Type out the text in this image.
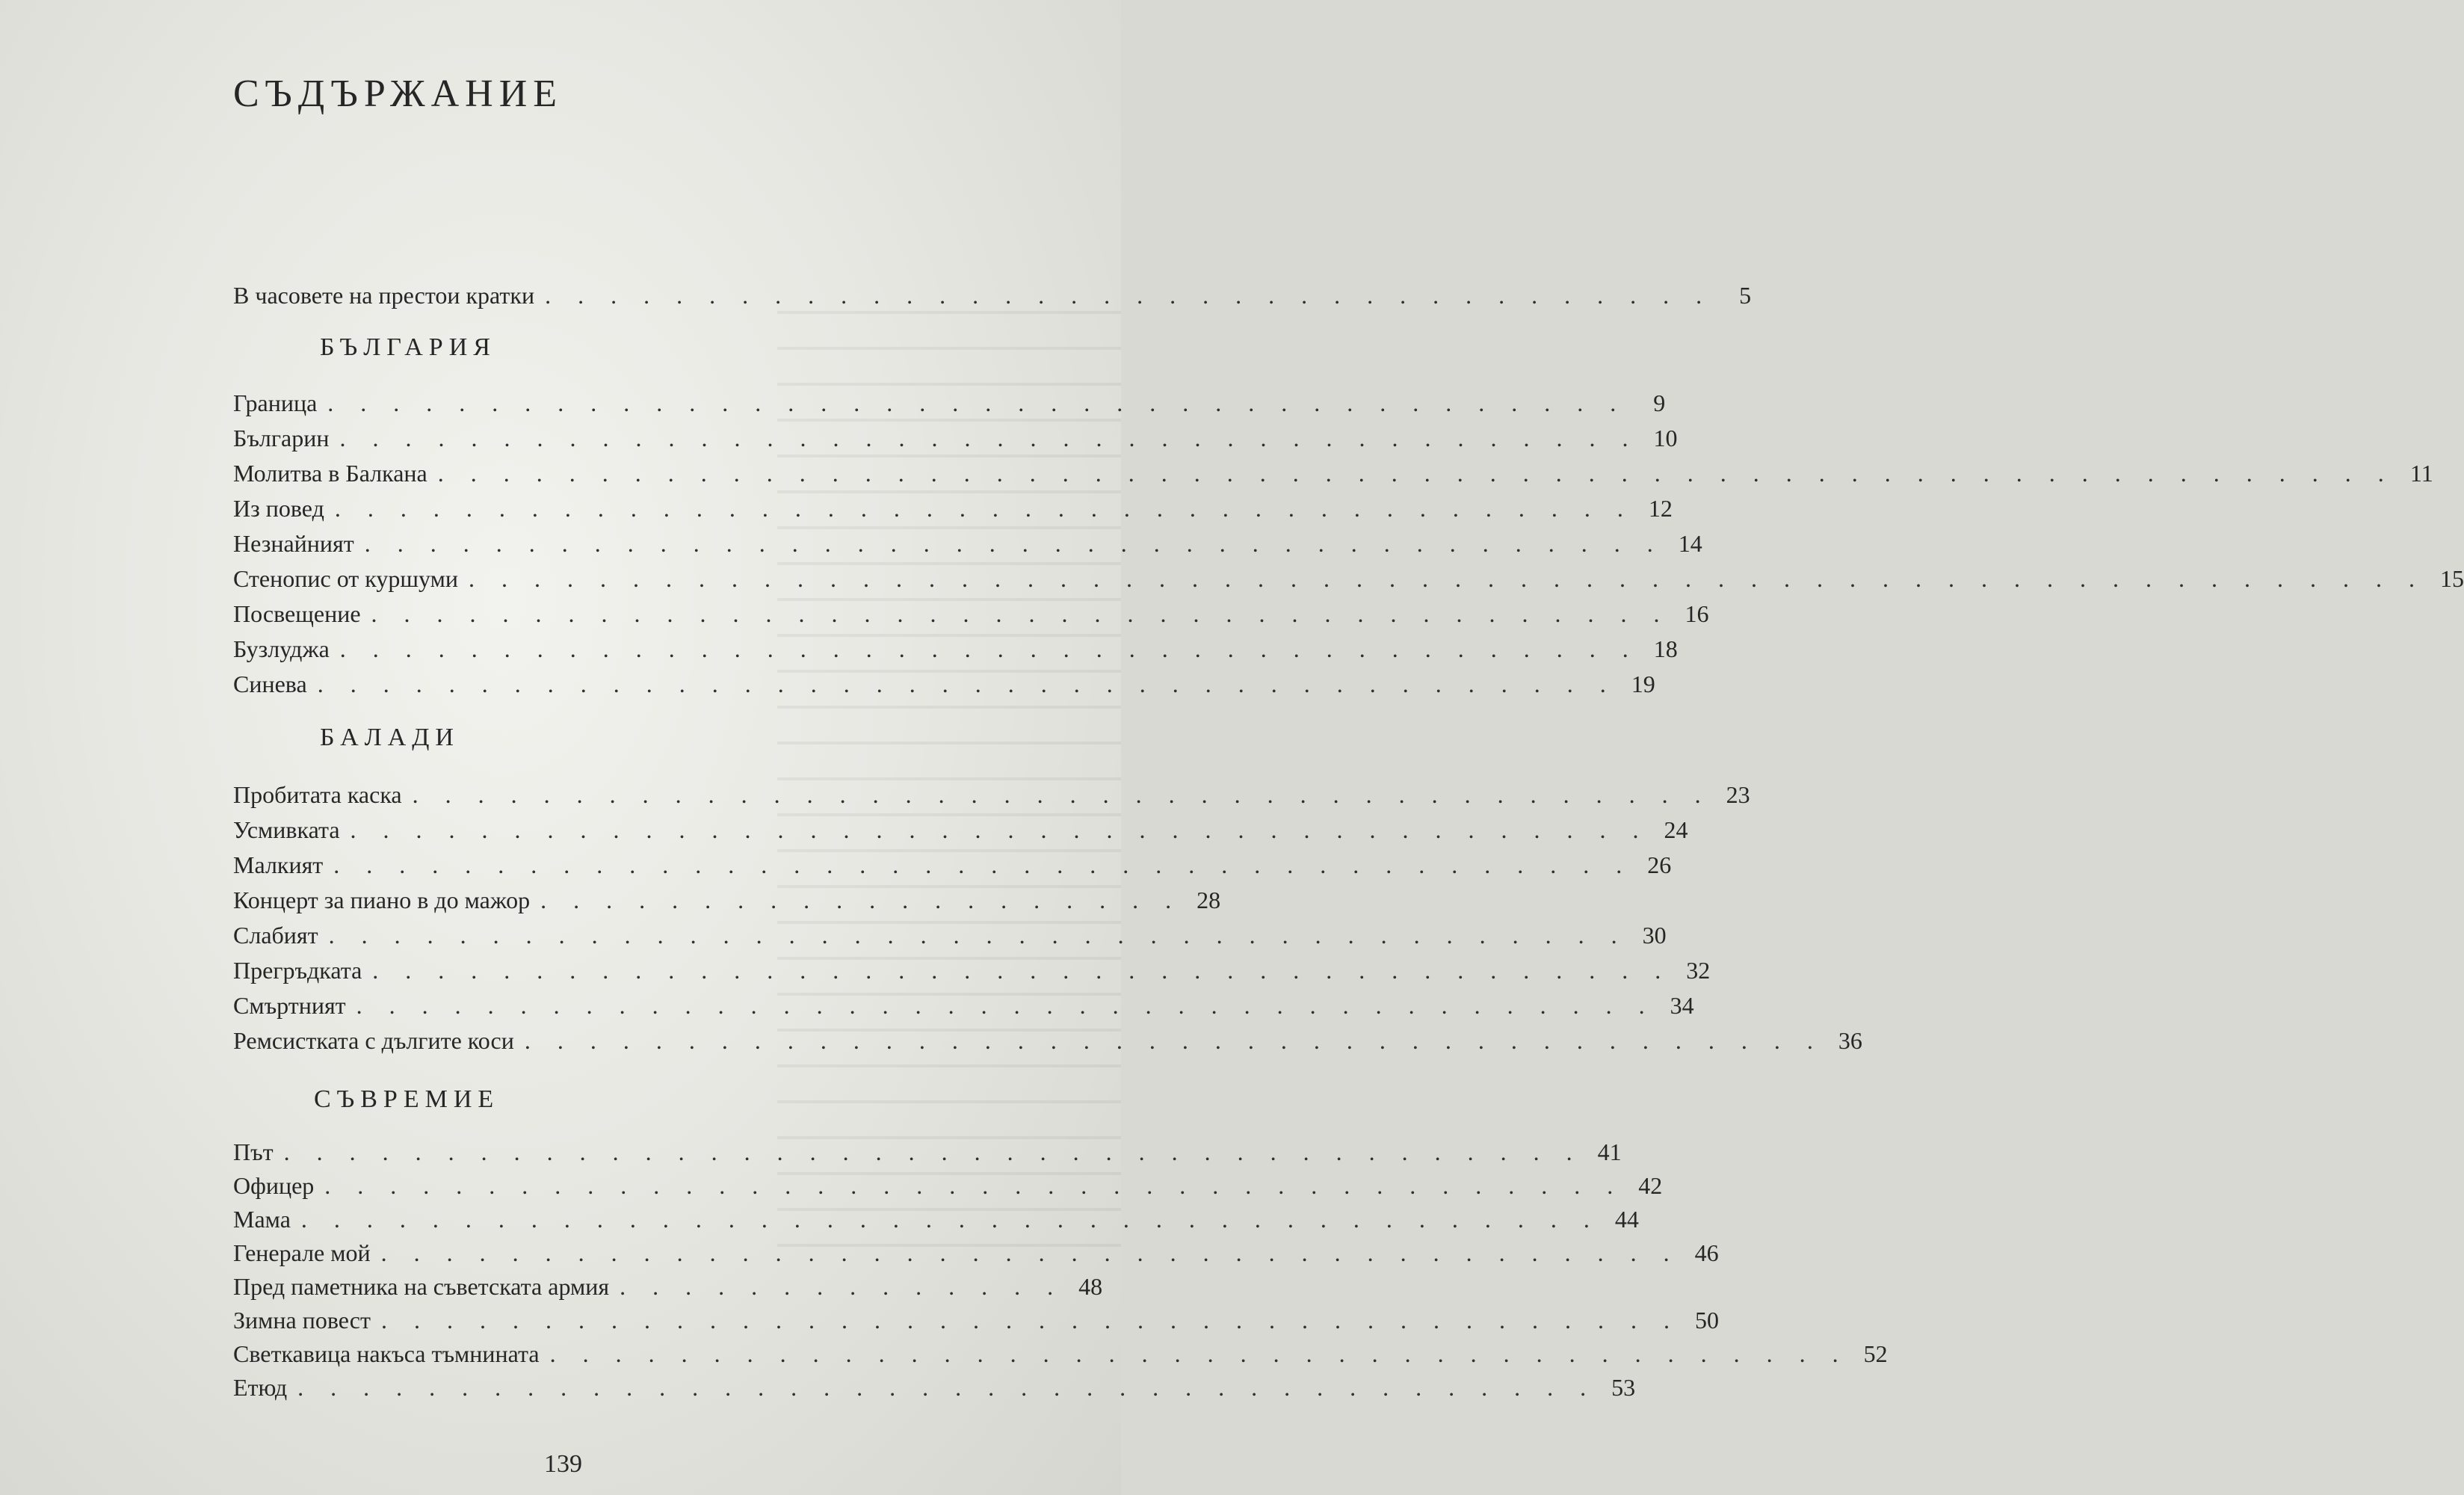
СЪДЪРЖАНИЕ
В часовете на престои кратки . . . . . . . . . . . . . . . . . . . . . . . . . . . . . . . . . . . .	5
БЪЛГАРИЯ
Граница . . . . . . . . . . . . . . . . . . . . . . . . . . . . . . . . . . . . . . . .	9
Българин . . . . . . . . . . . . . . . . . . . . . . . . . . . . . . . . . . . . . . . . 10
Молитва в Балкана . . . . . . . . . . . . . . . . . . . . . . . . . . . . . . . . . . . . . . . . . . . . . . . . . . . . . . . . . . . . 11
Из повед . . . . . . . . . . . . . . . . . . . . . . . . . . . . . . . . . . . . . . . . 12
Незнайният . . . . . . . . . . . . . . . . . . . . . . . . . . . . . . . . . . . . . . . . 14
Стенопис от куршуми . . . . . . . . . . . . . . . . . . . . . . . . . . . . . . . . . . . . . . . . . . . . . . . . . . . . . . . . . . . . 15
Посвещение . . . . . . . . . . . . . . . . . . . . . . . . . . . . . . . . . . . . . . . . 16
Бузлуджа . . . . . . . . . . . . . . . . . . . . . . . . . . . . . . . . . . . . . . . . 18
Синева . . . . . . . . . . . . . . . . . . . . . . . . . . . . . . . . . . . . . . . . 19
БАЛАДИ
Пробитата каска . . . . . . . . . . . . . . . . . . . . . . . . . . . . . . . . . . . . . . . . 23
Усмивката . . . . . . . . . . . . . . . . . . . . . . . . . . . . . . . . . . . . . . . . 24
Малкият . . . . . . . . . . . . . . . . . . . . . . . . . . . . . . . . . . . . . . . . 26
Концерт за пиано в до мажор . . . . . . . . . . . . . . . . . . . . 28
Слабият . . . . . . . . . . . . . . . . . . . . . . . . . . . . . . . . . . . . . . . . 30
Прегръдката . . . . . . . . . . . . . . . . . . . . . . . . . . . . . . . . . . . . . . . . 32
Смъртният . . . . . . . . . . . . . . . . . . . . . . . . . . . . . . . . . . . . . . . . 34
Ремсистката с дългите коси . . . . . . . . . . . . . . . . . . . . . . . . . . . . . . . . . . . . . . . . 36
СЪВРЕМИЕ
Път . . . . . . . . . . . . . . . . . . . . . . . . . . . . . . . . . . . . . . . . 41
Офицер . . . . . . . . . . . . . . . . . . . . . . . . . . . . . . . . . . . . . . . . 42
Мама . . . . . . . . . . . . . . . . . . . . . . . . . . . . . . . . . . . . . . . . 44
Генерале мой . . . . . . . . . . . . . . . . . . . . . . . . . . . . . . . . . . . . . . . . 46
Пред паметника на съветската армия . . . . . . . . . . . . . . 48
Зимна повест . . . . . . . . . . . . . . . . . . . . . . . . . . . . . . . . . . . . . . . . 50
Светкавица накъса тъмнината . . . . . . . . . . . . . . . . . . . . . . . . . . . . . . . . . . . . . . . . 52
Етюд . . . . . . . . . . . . . . . . . . . . . . . . . . . . . . . . . . . . . . . . 53
139
